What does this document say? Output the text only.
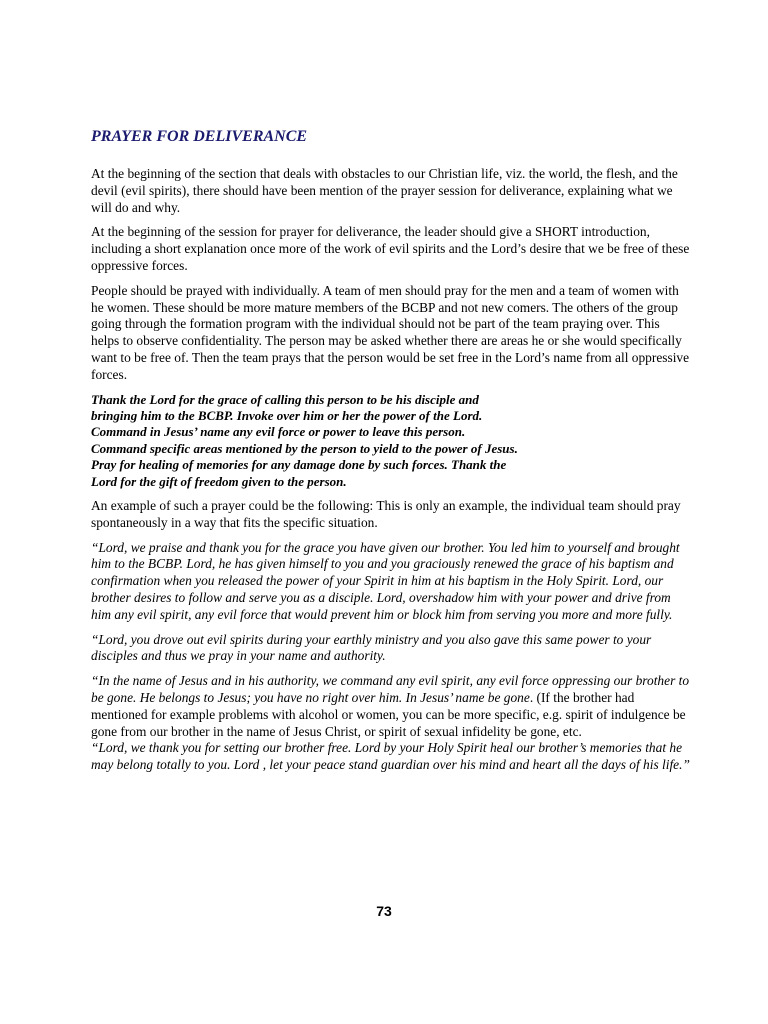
PRAYER FOR DELIVERANCE

At the beginning of the section that deals with obstacles to our Christian life, viz. the world, the flesh, and the devil (evil spirits), there should have been mention of the prayer session for deliverance, explaining what we will do and why.

At the beginning of the session for prayer for deliverance, the leader should give a SHORT introduction, including a short explanation once more of the work of evil spirits and the Lord’s desire that we be free of these oppressive forces.

People should be prayed with individually. A team of men should pray for the men and a team of women with he women. These should be more mature members of the BCBP and not new comers. The others of the group going through the formation program with the individual should not be part of the team praying over. This helps to observe confidentiality. The person may be asked whether there are areas he or she would specifically want to be free of. Then the team prays that the person would be set free in the Lord’s name from all oppressive forces.

Thank the Lord for the grace of calling this person to be his disciple and bringing him to the BCBP. Invoke over him or her the power of the Lord. Command in Jesus’ name any evil force or power to leave this person. Command specific areas mentioned by the person to yield to the power of Jesus. Pray for healing of memories for any damage done by such forces. Thank the Lord for the gift of freedom given to the person.

An example of such a prayer could be the following: This is only an example, the individual team should pray spontaneously in a way that fits the specific situation.

“Lord, we praise and thank you for the grace you have given our brother. You led him to yourself and brought him to the BCBP. Lord, he has given himself to you and you graciously renewed the grace of his baptism and confirmation when you released the power of your Spirit in him at his baptism in the Holy Spirit. Lord, our brother desires to follow and serve you as a disciple. Lord, overshadow him with your power and drive from him any evil spirit, any evil force that would prevent him or block him from serving you more and more fully.

“Lord, you drove out evil spirits during your earthly ministry and you also gave this same power to your disciples and thus we pray in your name and authority.

“In the name of Jesus and in his authority, we command any evil spirit, any evil force oppressing our brother to be gone. He belongs to Jesus; you have no right over him. In Jesus’ name be gone. (If the brother had mentioned for example problems with alcohol or women, you can be more specific, e.g. spirit of indulgence be gone from our brother in the name of Jesus Christ, or spirit of sexual infidelity be gone, etc.

“Lord, we thank you for setting our brother free. Lord by your Holy Spirit heal our brother’s memories that he may belong totally to you. Lord , let your peace stand guardian over his mind and heart all the days of his life.”

73
